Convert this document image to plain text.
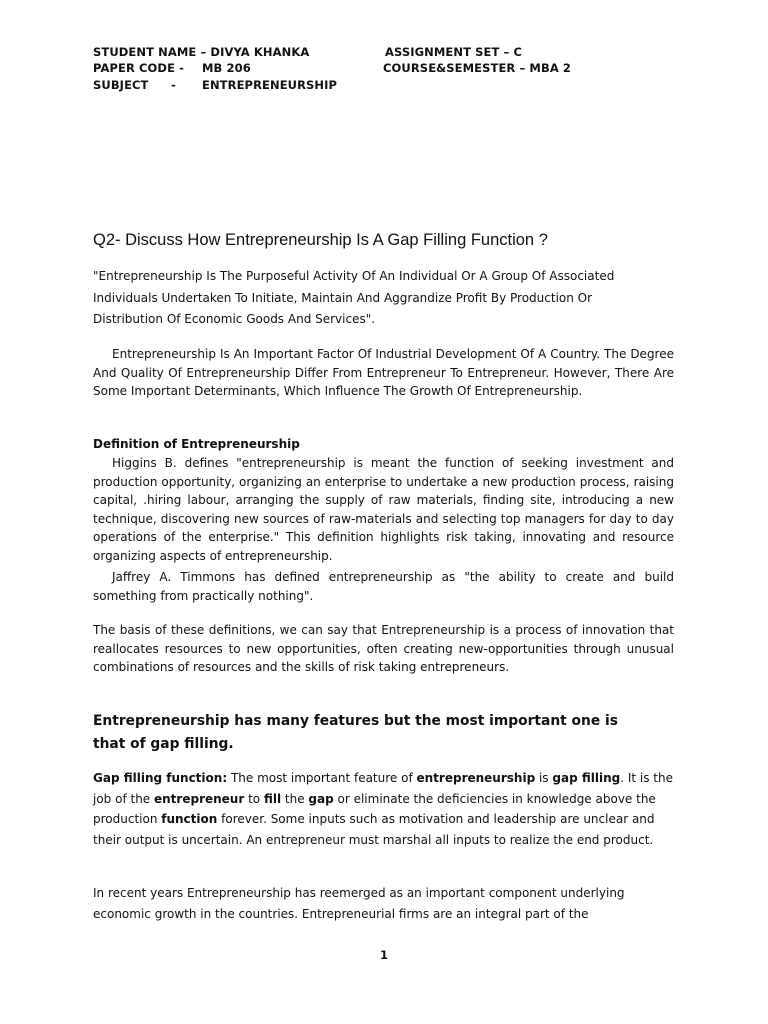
STUDENT NAME – DIVYA KHANKA	ASSIGNMENT SET – C
PAPER CODE - MB 206	COURSE&SEMESTER – MBA 2
SUBJECT - ENTREPRENEURSHIP
Q2- Discuss How Entrepreneurship Is A Gap Filling Function ?
"Entrepreneurship Is The Purposeful Activity Of An Individual Or A Group Of Associated Individuals Undertaken To Initiate, Maintain And Aggrandize Profit By Production Or Distribution Of Economic Goods And Services".
Entrepreneurship Is An Important Factor Of Industrial Development Of A Country. The Degree And Quality Of Entrepreneurship Differ From Entrepreneur To Entrepreneur. However, There Are Some Important Determinants, Which Influence The Growth Of Entrepreneurship.
Definition of Entrepreneurship
Higgins B. defines "entrepreneurship is meant the function of seeking investment and production opportunity, organizing an enterprise to undertake a new production process, raising capital, .hiring labour, arranging the supply of raw materials, finding site, introducing a new technique, discovering new sources of raw-materials and selecting top managers for day to day operations of the enterprise." This definition highlights risk taking, innovating and resource organizing aspects of entrepreneurship.
Jaffrey A. Timmons has defined entrepreneurship as "the ability to create and build something from practically nothing".
The basis of these definitions, we can say that Entrepreneurship is a process of innovation that reallocates resources to new opportunities, often creating new-opportunities through unusual combinations of resources and the skills of risk taking entrepreneurs.
Entrepreneurship has many features but the most important one is that of gap filling.
Gap filling function: The most important feature of entrepreneurship is gap filling. It is the job of the entrepreneur to fill the gap or eliminate the deficiencies in knowledge above the production function forever. Some inputs such as motivation and leadership are unclear and their output is uncertain. An entrepreneur must marshal all inputs to realize the end product.
In recent years Entrepreneurship has reemerged as an important component underlying economic growth in the countries. Entrepreneurial firms are an integral part of the
1
